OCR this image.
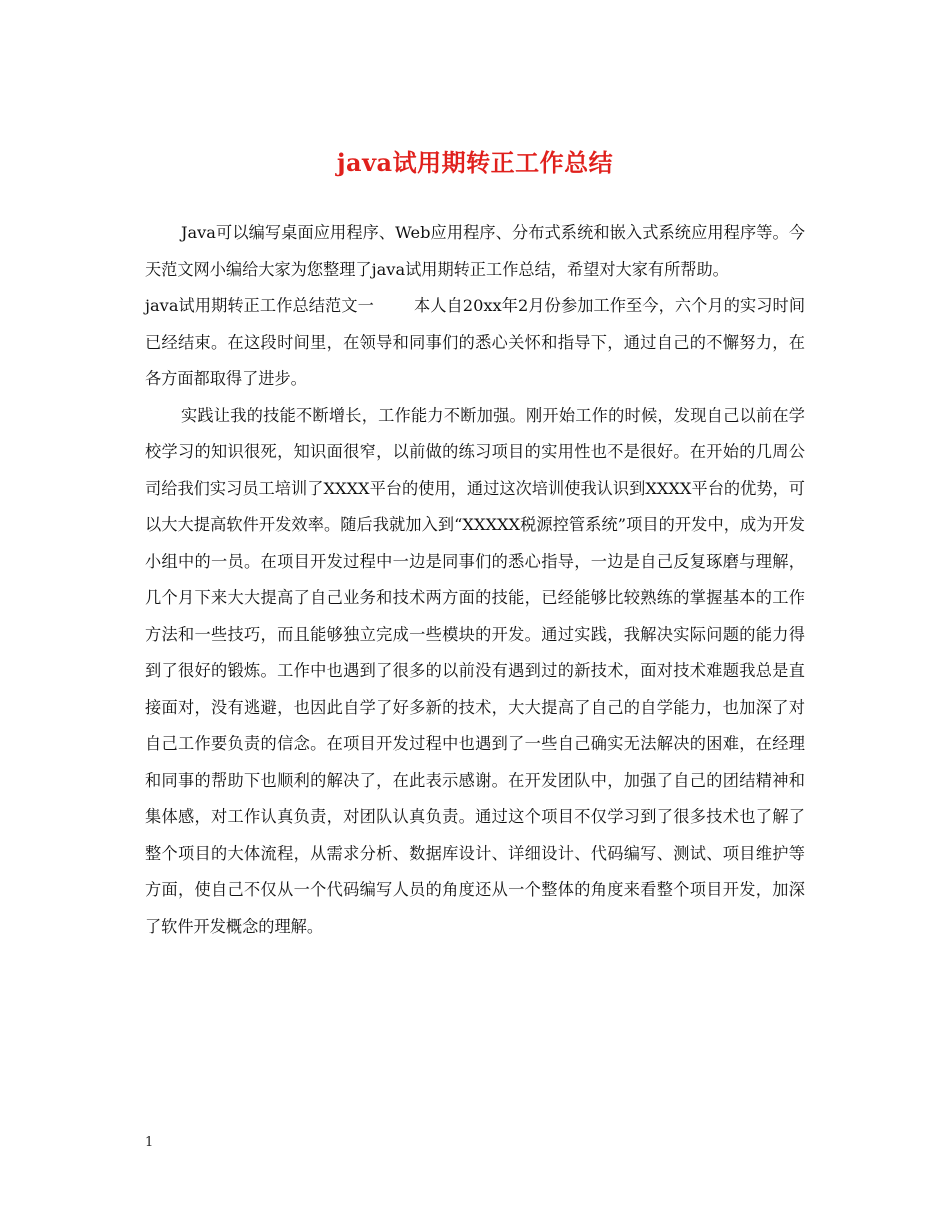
java试用期转正工作总结

Java可以编写桌面应用程序、Web应用程序、分布式系统和嵌入式系统应用程序等。今天范文网小编给大家为您整理了java试用期转正工作总结，希望对大家有所帮助。

java试用期转正工作总结范文一 本人自20xx年2月份参加工作至今，六个月的实习时间已经结束。在这段时间里，在领导和同事们的悉心关怀和指导下，通过自己的不懈努力，在各方面都取得了进步。

实践让我的技能不断增长，工作能力不断加强。刚开始工作的时候，发现自己以前在学校学习的知识很死，知识面很窄，以前做的练习项目的实用性也不是很好。在开始的几周公司给我们实习员工培训了XXXX平台的使用，通过这次培训使我认识到XXXX平台的优势，可以大大提高软件开发效率。随后我就加入到“XXXXX税源控管系统”项目的开发中，成为开发小组中的一员。在项目开发过程中一边是同事们的悉心指导，一边是自己反复琢磨与理解，几个月下来大大提高了自己业务和技术两方面的技能，已经能够比较熟练的掌握基本的工作方法和一些技巧，而且能够独立完成一些模块的开发。通过实践，我解决实际问题的能力得到了很好的锻炼。工作中也遇到了很多的以前没有遇到过的新技术，面对技术难题我总是直接面对，没有逃避，也因此自学了好多新的技术，大大提高了自己的自学能力，也加深了对自己工作要负责的信念。在项目开发过程中也遇到了一些自己确实无法解决的困难，在经理和同事的帮助下也顺利的解决了，在此表示感谢。在开发团队中，加强了自己的团结精神和集体感，对工作认真负责，对团队认真负责。通过这个项目不仅学习到了很多技术也了解了整个项目的大体流程，从需求分析、数据库设计、详细设计、代码编写、测试、项目维护等方面，使自己不仅从一个代码编写人员的角度还从一个整体的角度来看整个项目开发，加深了软件开发概念的理解。

1
